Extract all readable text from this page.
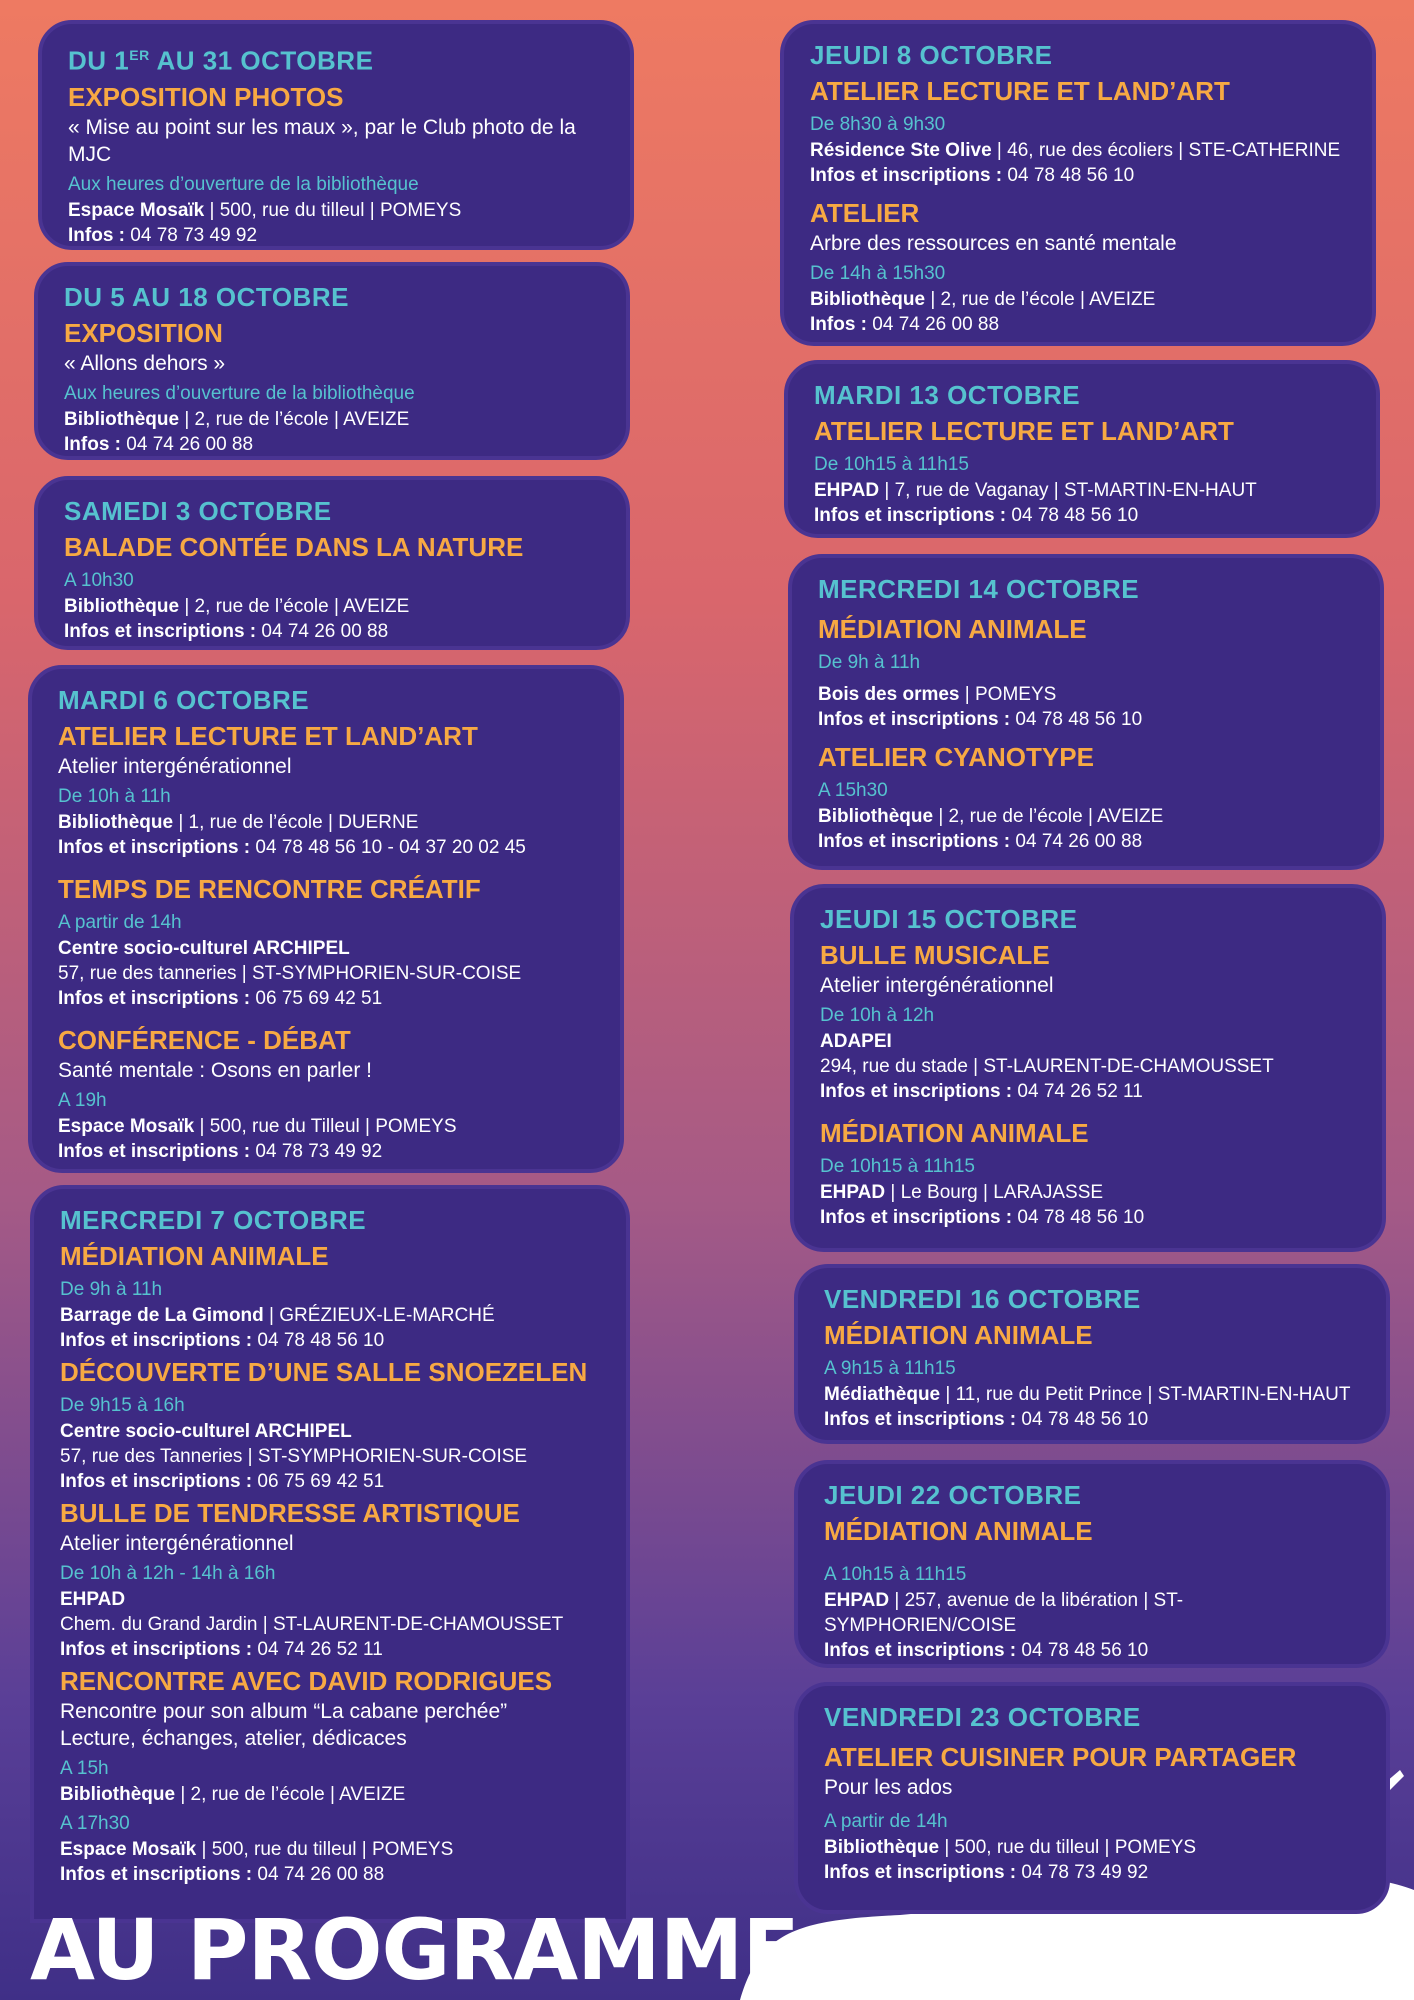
DU 1ER AU 31 OCTOBRE
EXPOSITION PHOTOS
« Mise au point sur les maux », par le Club photo de la MJC
Aux heures d’ouverture de la bibliothèque
Espace Mosaïk | 500, rue du tilleul | POMEYS
Infos : 04 78 73 49 92
DU 5 AU 18 OCTOBRE
EXPOSITION
« Allons dehors »
Aux heures d’ouverture de la bibliothèque
Bibliothèque | 2, rue de l’école | AVEIZE
Infos : 04 74 26 00 88
SAMEDI 3 OCTOBRE
BALADE CONTÉE DANS LA NATURE
A 10h30
Bibliothèque | 2, rue de l’école | AVEIZE
Infos et inscriptions : 04 74 26 00 88
MARDI 6 OCTOBRE
ATELIER LECTURE ET LAND’ART
Atelier intergénérationnel
De 10h à 11h
Bibliothèque | 1, rue de l’école | DUERNE
Infos et inscriptions : 04 78 48 56 10 - 04 37 20 02 45
TEMPS DE RENCONTRE CRÉATIF
A partir de 14h
Centre socio-culturel ARCHIPEL
57, rue des tanneries | ST-SYMPHORIEN-SUR-COISE
Infos et inscriptions : 06 75 69 42 51
CONFÉRENCE - DÉBAT
Santé mentale : Osons en parler !
A 19h
Espace Mosaïk | 500, rue du Tilleul | POMEYS
Infos et inscriptions : 04 78 73 49 92
MERCREDI 7 OCTOBRE
MÉDIATION ANIMALE
De 9h à 11h
Barrage de La Gimond | GRÉZIEUX-LE-MARCHÉ
Infos et inscriptions : 04 78 48 56 10
DÉCOUVERTE D’UNE SALLE SNOEZELEN
De 9h15 à 16h
Centre socio-culturel ARCHIPEL
57, rue des Tanneries | ST-SYMPHORIEN-SUR-COISE
Infos et inscriptions : 06 75 69 42 51
BULLE DE TENDRESSE ARTISTIQUE
Atelier intergénérationnel
De 10h à 12h - 14h à 16h
EHPAD
Chem. du Grand Jardin | ST-LAURENT-DE-CHAMOUSSET
Infos et inscriptions : 04 74 26 52 11
RENCONTRE AVEC DAVID RODRIGUES
Rencontre pour son album “La cabane perchée”
Lecture, échanges, atelier, dédicaces
A 15h
Bibliothèque | 2, rue de l’école | AVEIZE
A 17h30
Espace Mosaïk | 500, rue du tilleul | POMEYS
Infos et inscriptions : 04 74 26 00 88
JEUDI 8 OCTOBRE
ATELIER LECTURE ET LAND’ART
De 8h30 à 9h30
Résidence Ste Olive | 46, rue des écoliers | STE-CATHERINE
Infos et inscriptions : 04 78 48 56 10
ATELIER
Arbre des ressources en santé mentale
De 14h à 15h30
Bibliothèque | 2, rue de l’école | AVEIZE
Infos : 04 74 26 00 88
MARDI 13 OCTOBRE
ATELIER LECTURE ET LAND’ART
De 10h15 à 11h15
EHPAD | 7, rue de Vaganay | ST-MARTIN-EN-HAUT
Infos et inscriptions : 04 78 48 56 10
MERCREDI 14 OCTOBRE
MÉDIATION ANIMALE
De 9h à 11h
Bois des ormes | POMEYS
Infos et inscriptions : 04 78 48 56 10
ATELIER CYANOTYPE
A 15h30
Bibliothèque | 2, rue de l’école | AVEIZE
Infos et inscriptions : 04 74 26 00 88
JEUDI 15 OCTOBRE
BULLE MUSICALE
Atelier intergénérationnel
De 10h à 12h
ADAPEI
294, rue du stade | ST-LAURENT-DE-CHAMOUSSET
Infos et inscriptions : 04 74 26 52 11
MÉDIATION ANIMALE
De 10h15 à 11h15
EHPAD | Le Bourg | LARAJASSE
Infos et inscriptions : 04 78 48 56 10
VENDREDI 16 OCTOBRE
MÉDIATION ANIMALE
A 9h15 à 11h15
Médiathèque | 11, rue du Petit Prince | ST-MARTIN-EN-HAUT
Infos et inscriptions : 04 78 48 56 10
JEUDI 22 OCTOBRE
MÉDIATION ANIMALE
A 10h15 à 11h15
EHPAD | 257, avenue de la libération | ST-SYMPHORIEN/COISE
Infos et inscriptions : 04 78 48 56 10
VENDREDI 23 OCTOBRE
ATELIER CUISINER POUR PARTAGER
Pour les ados
A partir de 14h
Bibliothèque | 500, rue du tilleul | POMEYS
Infos et inscriptions : 04 78 73 49 92
AU PROGRAMME
